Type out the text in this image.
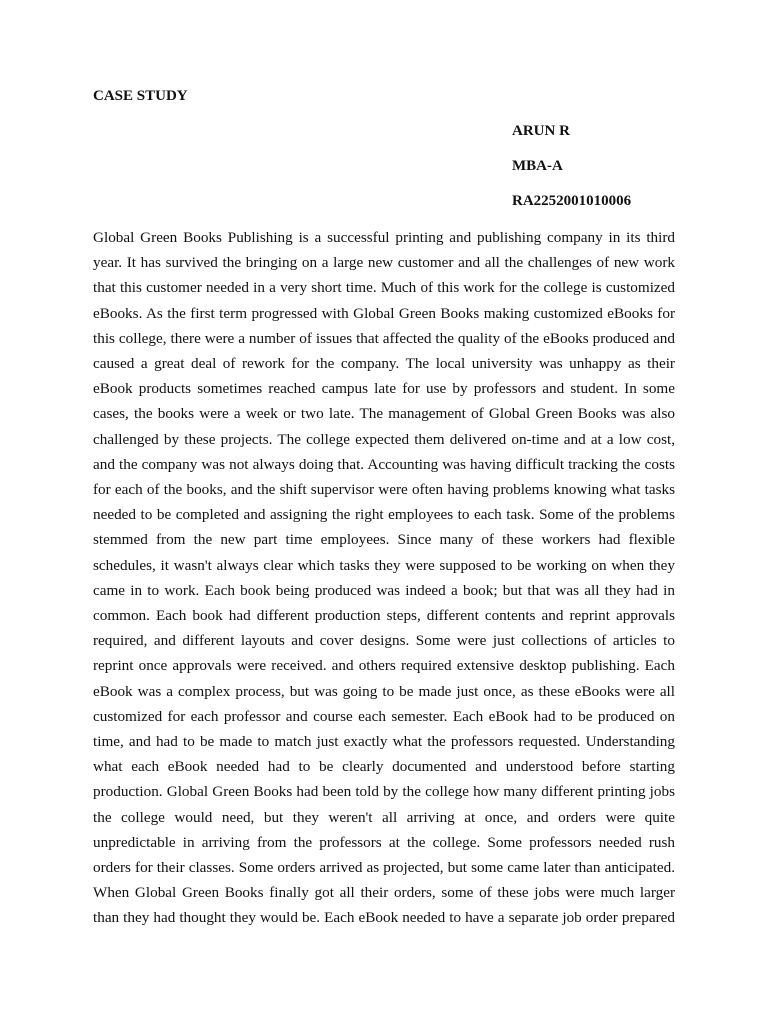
CASE STUDY

ARUN R

MBA-A

RA2252001010006

Global Green Books Publishing is a successful printing and publishing company in its third year. It has survived the bringing on a large new customer and all the challenges of new work that this customer needed in a very short time. Much of this work for the college is customized eBooks. As the first term progressed with Global Green Books making customized eBooks for this college, there were a number of issues that affected the quality of the eBooks produced and caused a great deal of rework for the company. The local university was unhappy as their eBook products sometimes reached campus late for use by professors and student. In some cases, the books were a week or two late. The management of Global Green Books was also challenged by these projects. The college expected them delivered on-time and at a low cost, and the company was not always doing that. Accounting was having difficult tracking the costs for each of the books, and the shift supervisor were often having problems knowing what tasks needed to be completed and assigning the right employees to each task. Some of the problems stemmed from the new part time employees. Since many of these workers had flexible schedules, it wasn't always clear which tasks they were supposed to be working on when they came in to work. Each book being produced was indeed a book; but that was all they had in common. Each book had different production steps, different contents and reprint approvals required, and different layouts and cover designs. Some were just collections of articles to reprint once approvals were received. and others required extensive desktop publishing. Each eBook was a complex process, but was going to be made just once, as these eBooks were all customized for each professor and course each semester. Each eBook had to be produced on time, and had to be made to match just exactly what the professors requested. Understanding what each eBook needed had to be clearly documented and understood before starting production. Global Green Books had been told by the college how many different printing jobs the college would need, but they weren't all arriving at once, and orders were quite unpredictable in arriving from the professors at the college. Some professors needed rush orders for their classes. Some orders arrived as projected, but some came later than anticipated. When Global Green Books finally got all their orders, some of these jobs were much larger than they had thought they would be. Each eBook needed to have a separate job order prepared
